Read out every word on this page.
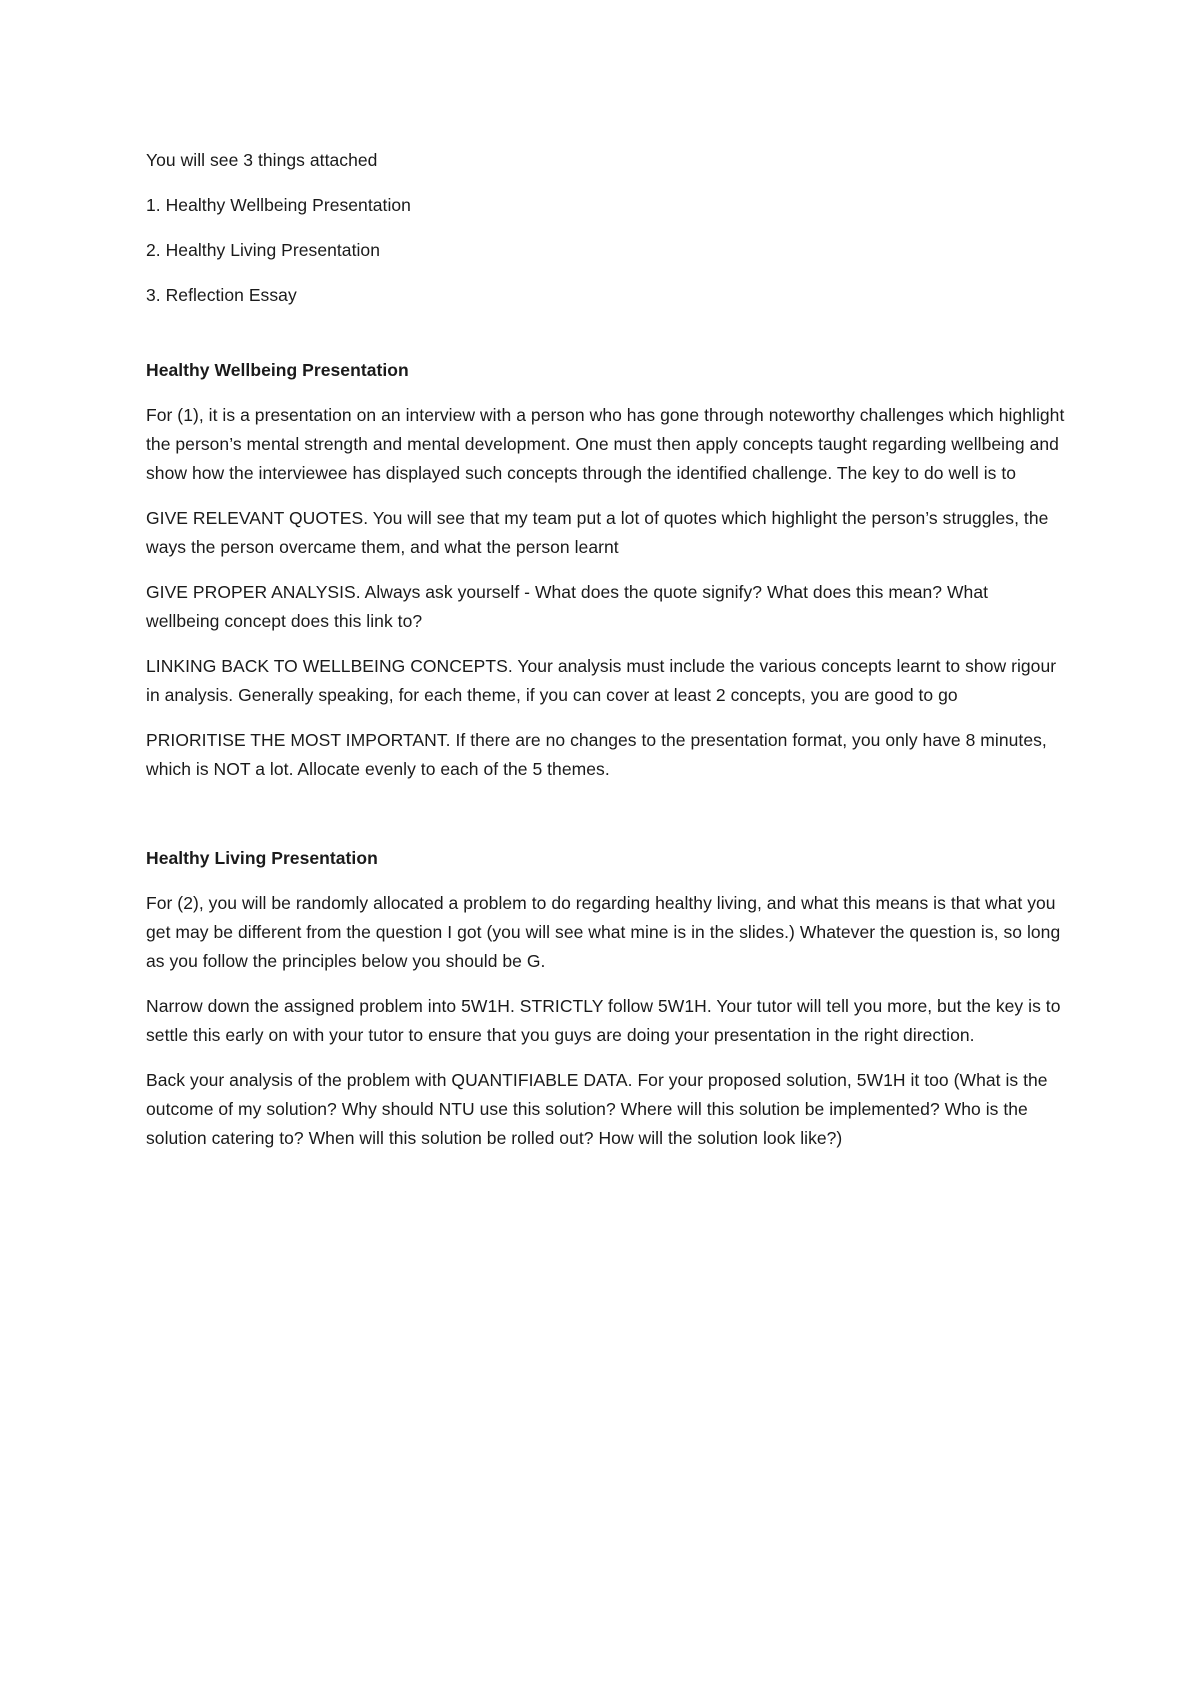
You will see 3 things attached

1. Healthy Wellbeing Presentation

2. Healthy Living Presentation

3. Reflection Essay

Healthy Wellbeing Presentation

For (1), it is a presentation on an interview with a person who has gone through noteworthy challenges which highlight the person’s mental strength and mental development. One must then apply concepts taught regarding wellbeing and show how the interviewee has displayed such concepts through the identified challenge. The key to do well is to

GIVE RELEVANT QUOTES. You will see that my team put a lot of quotes which highlight the person’s struggles, the ways the person overcame them, and what the person learnt

GIVE PROPER ANALYSIS. Always ask yourself - What does the quote signify? What does this mean? What wellbeing concept does this link to?

LINKING BACK TO WELLBEING CONCEPTS. Your analysis must include the various concepts learnt to show rigour in analysis. Generally speaking, for each theme, if you can cover at least 2 concepts, you are good to go

PRIORITISE THE MOST IMPORTANT. If there are no changes to the presentation format, you only have 8 minutes, which is NOT a lot. Allocate evenly to each of the 5 themes.

Healthy Living Presentation

For (2), you will be randomly allocated a problem to do regarding healthy living, and what this means is that what you get may be different from the question I got (you will see what mine is in the slides.) Whatever the question is, so long as you follow the principles below you should be G.

Narrow down the assigned problem into 5W1H. STRICTLY follow 5W1H. Your tutor will tell you more, but the key is to settle this early on with your tutor to ensure that you guys are doing your presentation in the right direction.

Back your analysis of the problem with QUANTIFIABLE DATA. For your proposed solution, 5W1H it too (What is the outcome of my solution? Why should NTU use this solution? Where will this solution be implemented? Who is the solution catering to? When will this solution be rolled out? How will the solution look like?)
